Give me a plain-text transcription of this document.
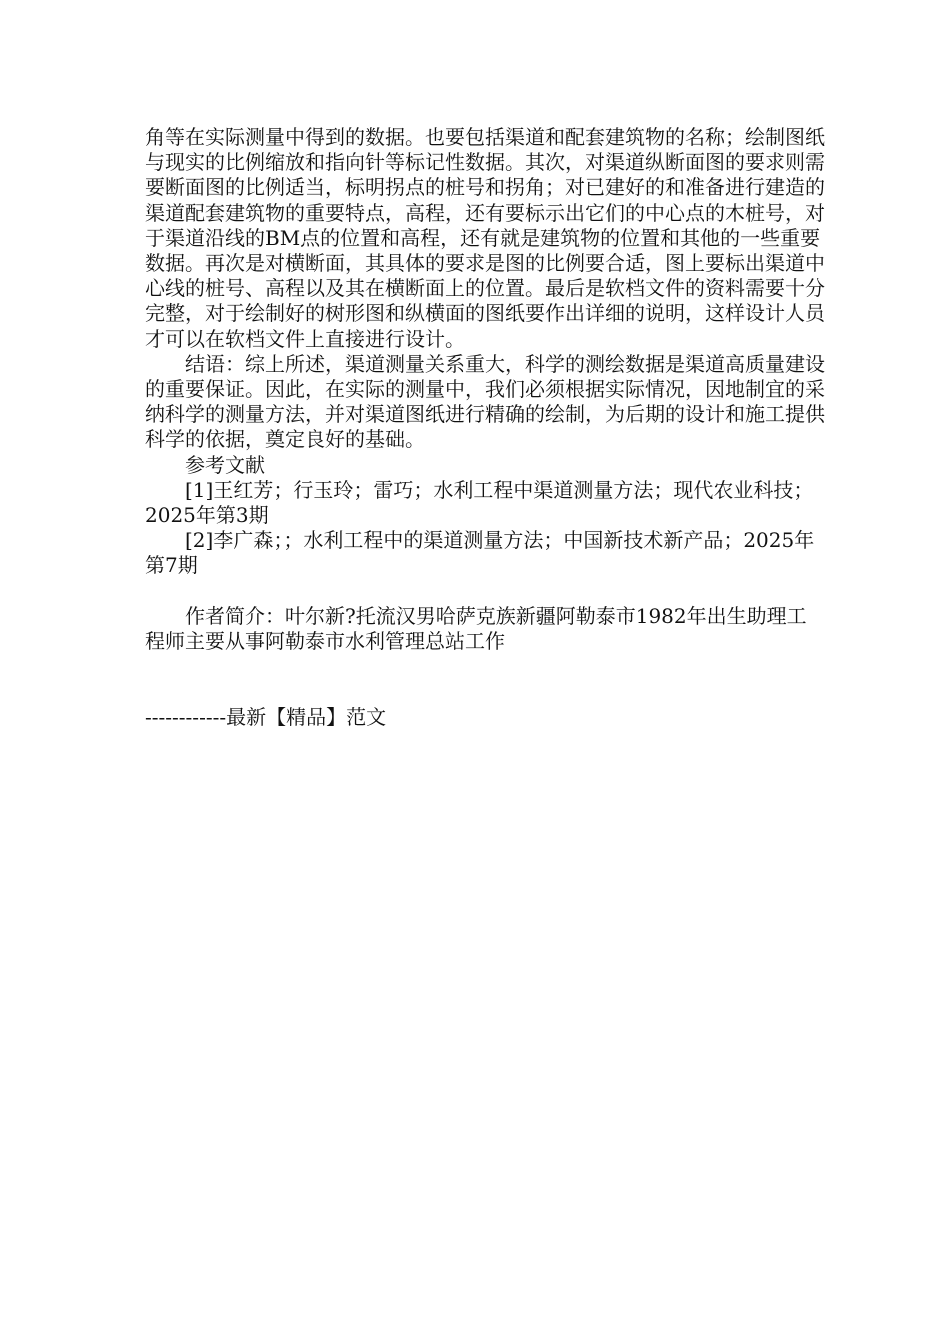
角等在实际测量中得到的数据。也要包括渠道和配套建筑物的名称；绘制图纸与现实的比例缩放和指向针等标记性数据。其次，对渠道纵断面图的要求则需要断面图的比例适当，标明拐点的桩号和拐角；对已建好的和准备进行建造的渠道配套建筑物的重要特点，高程，还有要标示出它们的中心点的木桩号，对于渠道沿线的BM点的位置和高程，还有就是建筑物的位置和其他的一些重要数据。再次是对横断面，其具体的要求是图的比例要合适，图上要标出渠道中心线的桩号、高程以及其在横断面上的位置。最后是软档文件的资料需要十分完整，对于绘制好的树形图和纵横面的图纸要作出详细的说明，这样设计人员才可以在软档文件上直接进行设计。

结语：综上所述，渠道测量关系重大，科学的测绘数据是渠道高质量建设的重要保证。因此，在实际的测量中，我们必须根据实际情况，因地制宜的采纳科学的测量方法，并对渠道图纸进行精确的绘制，为后期的设计和施工提供科学的依据，奠定良好的基础。

参考文献

[1]王红芳；行玉玲；雷巧；水利工程中渠道测量方法；现代农业科技；2025年第3期

[2]李广森；；水利工程中的渠道测量方法；中国新技术新产品；2025年第7期

作者简介：叶尔新?托流汉男哈萨克族新疆阿勒泰市1982年出生助理工程师主要从事阿勒泰市水利管理总站工作

------------最新【精品】范文
